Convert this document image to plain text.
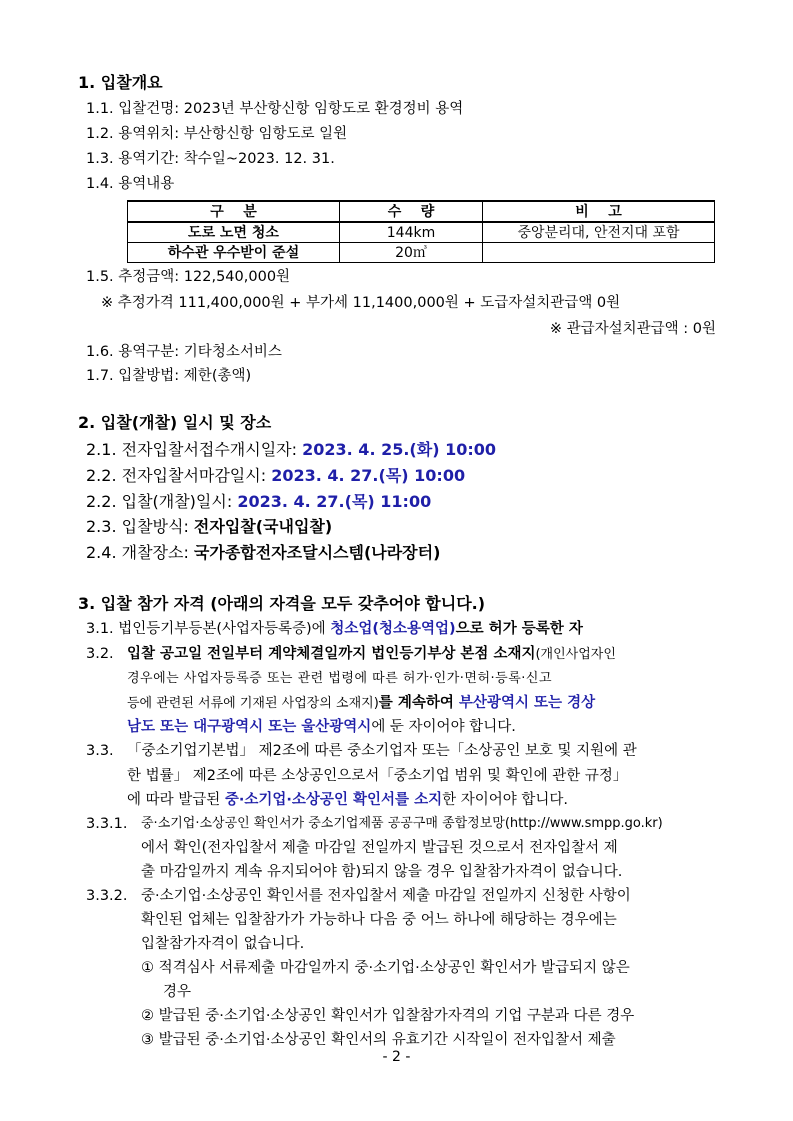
1. 입찰개요
1.1. 입찰건명: 2023년 부산항신항 임항도로 환경정비 용역
1.2. 용역위치: 부산항신항 임항도로 일원
1.3. 용역기간: 착수일~2023. 12. 31.
1.4. 용역내용
구    분	수    량	비    고
도로 노면 청소	144km	중앙분리대, 안전지대 포함
하수관 우수받이 준설	20㎥	
1.5. 추정금액: 122,540,000원
※ 추정가격 111,400,000원 + 부가세 11,1400,000원 + 도급자설치관급액 0원
※ 관급자설치관급액 : 0원
1.6. 용역구분: 기타청소서비스
1.7. 입찰방법: 제한(총액)
2. 입찰(개찰) 일시 및 장소
2.1. 전자입찰서접수개시일자: 2023. 4. 25.(화) 10:00
2.2. 전자입찰서마감일시: 2023. 4. 27.(목) 10:00
2.2. 입찰(개찰)일시: 2023. 4. 27.(목) 11:00
2.3. 입찰방식: 전자입찰(국내입찰)
2.4. 개찰장소: 국가종합전자조달시스템(나라장터)
3. 입찰 참가 자격 (아래의 자격을 모두 갖추어야 합니다.)
3.1. 법인등기부등본(사업자등록증)에 청소업(청소용역업)으로 허가 등록한 자
3.2. 입찰 공고일 전일부터 계약체결일까지 법인등기부상 본점 소재지(개인사업자인
경우에는 사업자등록증 또는 관련 법령에 따른 허가·인가·면허·등록·신고
등에 관련된 서류에 기재된 사업장의 소재지)를 계속하여 부산광역시 또는 경상
남도 또는 대구광역시 또는 울산광역시에 둔 자이어야 합니다.
3.3. 「중소기업기본법」 제2조에 따른 중소기업자 또는「소상공인 보호 및 지원에 관
한 법률」 제2조에 따른 소상공인으로서「중소기업 범위 및 확인에 관한 규정」
에 따라 발급된 중·소기업·소상공인 확인서를 소지한 자이어야 합니다.
3.3.1. 중·소기업·소상공인 확인서가 중소기업제품 공공구매 종합정보망(http://www.smpp.go.kr)
에서 확인(전자입찰서 제출 마감일 전일까지 발급된 것으로서 전자입찰서 제
출 마감일까지 계속 유지되어야 함)되지 않을 경우 입찰참가자격이 없습니다.
3.3.2. 중·소기업·소상공인 확인서를 전자입찰서 제출 마감일 전일까지 신청한 사항이
확인된 업체는 입찰참가가 가능하나 다음 중 어느 하나에 해당하는 경우에는
입찰참가자격이 없습니다.
① 적격심사 서류제출 마감일까지 중·소기업·소상공인 확인서가 발급되지 않은
경우
② 발급된 중·소기업·소상공인 확인서가 입찰참가자격의 기업 구분과 다른 경우
③ 발급된 중·소기업·소상공인 확인서의 유효기간 시작일이 전자입찰서 제출
- 2 -
